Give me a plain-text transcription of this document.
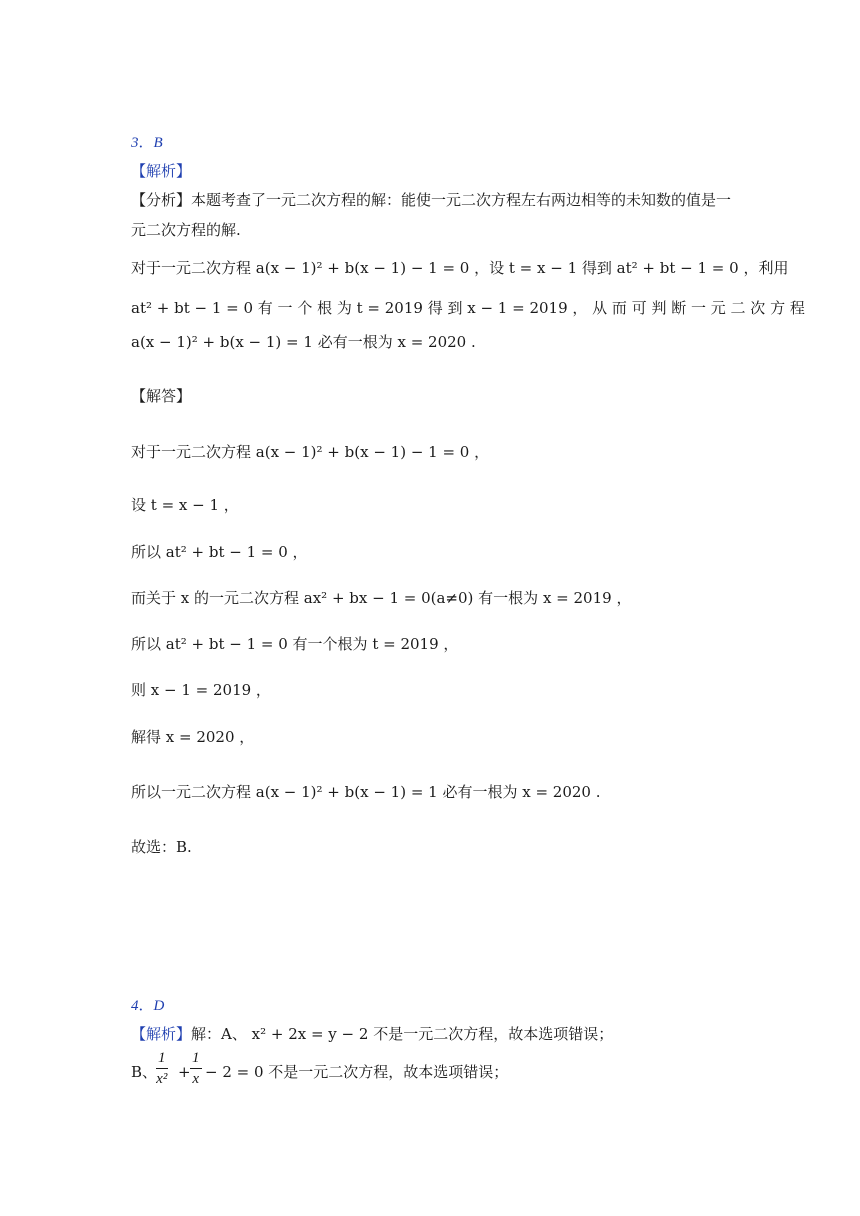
3．B
【解析】
【分析】本题考查了一元二次方程的解：能使一元二次方程左右两边相等的未知数的值是一
元二次方程的解.
对于一元二次方程 a(x − 1)² + b(x − 1) − 1 = 0 ，设 t = x − 1 得到 at² + bt − 1 = 0 ，利用
at² + bt − 1 = 0 有 一 个 根 为 t = 2019 得 到 x − 1 = 2019 ， 从 而 可 判 断 一 元 二 次 方 程
a(x − 1)² + b(x − 1) = 1 必有一根为 x = 2020 .
【解答】
对于一元二次方程 a(x − 1)² + b(x − 1) − 1 = 0 ，
设 t = x − 1 ，
所以 at² + bt − 1 = 0 ，
而关于 x 的一元二次方程 ax² + bx − 1 = 0(a≠0) 有一根为 x = 2019 ，
所以 at² + bt − 1 = 0 有一个根为 t = 2019 ，
则 x − 1 = 2019 ，
解得 x = 2020 ，
所以一元二次方程 a(x − 1)² + b(x − 1) = 1 必有一根为 x = 2020 .
故选：B.
4．D
【解析】解：A、 x² + 2x = y − 2 不是一元二次方程，故本选项错误；
B、
$\frac{1}{\text{x²}} + \frac{1}{x} - 2 = 0$ 不是一元二次方程，故本选项错误；
